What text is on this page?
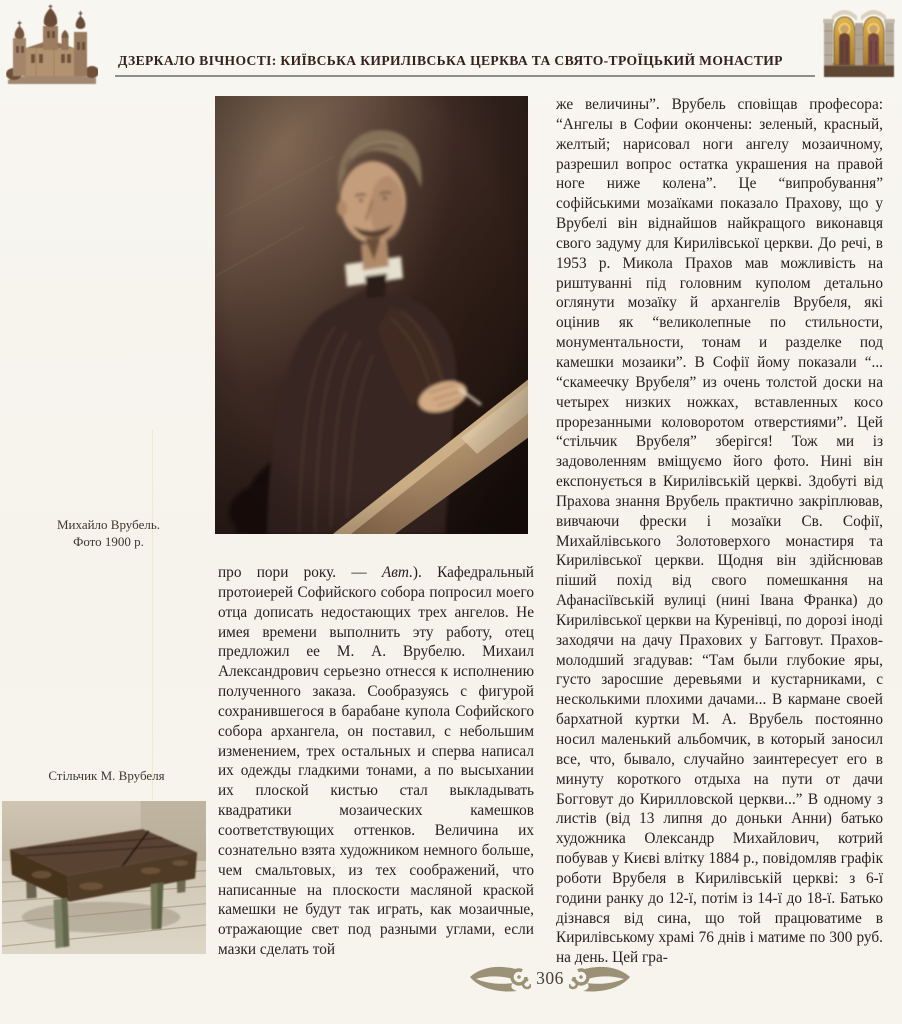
ДЗЕРКАЛО ВІЧНОСТІ: КИЇВСЬКА КИРИЛІВСЬКА ЦЕРКВА ТА СВЯТО-ТРОЇЦЬКИЙ МОНАСТИР
Михайло Врубель.
Фото 1900 р.

про пори року. — Авт.). Кафедральный протоиерей Софийского собора попросил моего отца дописать недостающих трех ангелов. Не имея времени выполнить эту работу, отец предложил ее М. А. Врубелю. Михаил Александрович серьезно отнесся к исполнению полученного заказа. Сообразуясь с фигурой сохранившегося в барабане купола Софийского собора архангела, он поставил, с небольшим изменением, трех остальных и сперва написал их одежды гладкими тонами, а по высыхании их плоской кистью стал выкладывать квадратики мозаических камешков соответствующих оттенков. Величина их сознательно взята художником немного больше, чем смальтовых, из тех соображений, что написанные на плоскости масляной краской камешки не будут так играть, как мозаичные, отражающие свет под разными углами, если мазки сделать той

Стільчик М. Врубеля

же величины”. Врубель сповіщав професора: “Ангелы в Софии окончены: зеленый, красный, желтый; нарисовал ноги ангелу мозаичному, разрешил вопрос остатка украшения на правой ноге ниже колена”. Це “випробування” софійськими мозаїками показало Прахову, що у Врубелі він віднайшов найкращого виконавця свого задуму для Кирилівської церкви. До речі, в 1953 р. Микола Прахов мав можливість на риштуванні під головним куполом детально оглянути мозаїку й архангелів Врубеля, які оцінив як “великолепные по стильности, монументальности, тонам и разделке под камешки мозаики”. В Софії йому показали “... “скамеечку Врубеля” из очень толстой доски на четырех низких ножках, вставленных косо прорезанными коловоротом отверстиями”. Цей “стільчик Врубеля” зберігся! Тож ми із задоволенням вміщуємо його фото. Нині він експонується в Кирилівській церкві. Здобуті від Прахова знання Врубель практично закріплював, вивчаючи фрески і мозаїки Св. Софії, Михайлівського Золотоверхого монастиря та Кирилівської церкви. Щодня він здійснював піший похід від свого помешкання на Афанасіївській вулиці (нині Івана Франка) до Кирилівської церкви на Куренівці, по дорозі іноді заходячи на дачу Прахових у Багговут. Прахов-молодший згадував: “Там были глубокие яры, густо заросшие деревьями и кустарниками, с несколькими плохими дачами... В кармане своей бархатной куртки М. А. Врубель постоянно носил маленький альбомчик, в который заносил все, что, бывало, случайно заинтересует его в минуту короткого отдыха на пути от дачи Богговут до Кирилловской церкви...” В одному з листів (від 13 липня до доньки Анни) батько художника Олександр Михайлович, котрий побував у Києві влітку 1884 р., повідомляв графік роботи Врубеля в Кирилівській церкві: з 6-ї години ранку до 12-ї, потім із 14-ї до 18-ї. Батько дізнався від сина, що той працюватиме в Кирилівському храмі 76 днів і матиме по 300 руб. на день. Цей гра-

306
